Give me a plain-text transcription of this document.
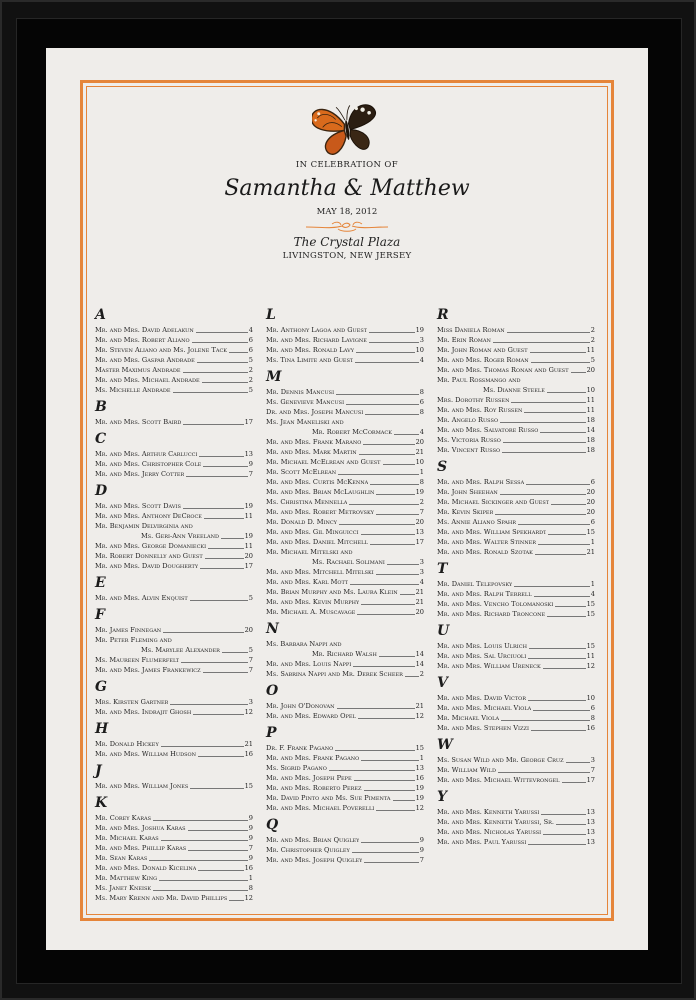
IN CELEBRATION OF
Samantha & Matthew
MAY 18, 2012
The Crystal Plaza
LIVINGSTON, NEW JERSEY
A
Mr. and Mrs. David Adelakun	4
Mr. and Mrs. Robert Aliano	6
Mr. Steven Aliano and Ms. Jolene Tack	6
Mr. and Mrs. Gaspar Andrade	5
Master Maximus Andrade	2
Mr. and Mrs. Michael Andrade	2
Ms. Michelle Andrade	5
B
Mr. and Mrs. Scott Baird	17
C
Mr. and Mrs. Arthur Carlucci	13
Mr. and Mrs. Christopher Cole	9
Mr. and Mrs. Jerry Cotter	7
D
Mr. and Mrs. Scott Davis	19
Mr. and Mrs. Anthony DeCroce	11
Mr. Benjamin Delvirginia and
Ms. Geri-Ann Vreeland	19
Mr. and Mrs. George Domaniecki	11
Mr. Robert Donnelly and Guest	20
Mr. and Mrs. David Dougherty	17
E
Mr. and Mrs. Alvin Enquist	5
F
Mr. James Finnegan	20
Mr. Peter Fleming and
Ms. Marylee Alexander	5
Ms. Maureen Flumerfelt	7
Mr. and Mrs. James Frankewicz	7
G
Mrs. Kirsten Gartner	3
Mr. and Mrs. Indrajit Ghosh	12
H
Mr. Donald Hickey	21
Mr. and Mrs. William Hudson	16
J
Mr. and Mrs. William Jones	15
K
Mr. Corey Karas	9
Mr. and Mrs. Joshua Karas	9
Mr. Michael Karas	9
Mr. and Mrs. Phillip Karas	7
Mr. Sean Karas	9
Mr. and Mrs. Donald Kicelina	16
Mr. Matthew King	1
Ms. Janet Kneisk	8
Ms. Mary Krenn and Mr. David Phillips	12
L
Mr. Anthony Lagoa and Guest	19
Mr. and Mrs. Richard Lavigne	3
Mr. and Mrs. Ronald Lavy	10
Ms. Tina Limite and Guest	4
M
Mr. Dennis Mancusi	8
Ms. Genevieve Mancusi	6
Dr. and Mrs. Joseph Mancusi	8
Ms. Jean Maneliski and
Mr. Robert McCormack	4
Mr. and Mrs. Frank Marano	20
Mr. and Mrs. Mark Martin	21
Mr. Michael McElrean and Guest	10
Mr. Scott McElrean	1
Mr. and Mrs. Curtis McKenna	8
Mr. and Mrs. Brian McLaughlin	19
Ms. Christina Mennella	2
Mr. and Mrs. Robert Metrovsky	7
Mr. Donald D. Mincy	20
Mr. and Mrs. Gil Minguicci	13
Mr. and Mrs. Daniel Mitchell	17
Mr. Michael Mitelski and
Ms. Rachael Solimani	3
Mr. and Mrs. Mitchell Mitelski	3
Mr. and Mrs. Karl Mott	4
Mr. Brian Murphy and Ms. Laura Klein	21
Mr. and Mrs. Kevin Murphy	21
Mr. Michael A. Muscavage	20
N
Ms. Barbara Nappi and
Mr. Richard Walsh	14
Mr. and Mrs. Louis Nappi	14
Ms. Sabrina Nappi and Mr. Derek Scheer	2
O
Mr. John O'Donovan	21
Mr. and Mrs. Edward Opel	12
P
Dr. F. Frank Pagano	15
Mr. and Mrs. Frank Pagano	1
Ms. Sigrid Pagano	13
Mr. and Mrs. Joseph Pepe	16
Mr. and Mrs. Roberto Perez	19
Mr. David Pinto and Ms. Sue Pimenta	19
Mr. and Mrs. Michael Poverelli	12
Q
Mr. and Mrs. Brian Quigley	9
Mr. Christopher Quigley	9
Mr. and Mrs. Joseph Quigley	7
R
Miss Daniela Roman	2
Mr. Erin Roman	2
Mr. John Roman and Guest	11
Mr. and Mrs. Roger Roman	5
Mr. and Mrs. Thomas Ronan and Guest	20
Mr. Paul Rossmango and
Ms. Dianne Steele	10
Mrs. Dorothy Russen	11
Mr. and Mrs. Roy Russen	11
Mr. Angelo Russo	18
Mr. and Mrs. Salvatore Russo	14
Ms. Victoria Russo	18
Mr. Vincent Russo	18
S
Mr. and Mrs. Ralph Sessa	6
Mr. John Sheehan	20
Mr. Michael Sickinger and Guest	20
Mr. Kevin Skiper	20
Ms. Annie Aliano Spahr	6
Mr. and Mrs. William Spekhardt	15
Mr. and Mrs. Walter Stinner	1
Mr. and Mrs. Ronald Szotak	21
T
Mr. Daniel Telepovsky	1
Mr. and Mrs. Ralph Terrell	4
Mr. and Mrs. Vencho Tolomanoski	15
Mr. and Mrs. Richard Troncone	15
U
Mr. and Mrs. Louis Ulrich	15
Mr. and Mrs. Sal Urciuoli	11
Mr. and Mrs. William Ureneck	12
V
Mr. and Mrs. David Victor	10
Mr. and Mrs. Michael Viola	6
Mr. Michael Viola	8
Mr. and Mrs. Stephen Vizzi	16
W
Ms. Susan Wild and Mr. George Cruz	3
Mr. William Wild	7
Mr. and Mrs. Michael Wittevrongel	17
Y
Mr. and Mrs. Kenneth Yarussi	13
Mr. and Mrs. Kenneth Yarussi, Sr.	13
Mr. and Mrs. Nicholas Yarussi	13
Mr. and Mrs. Paul Yarussi	13
